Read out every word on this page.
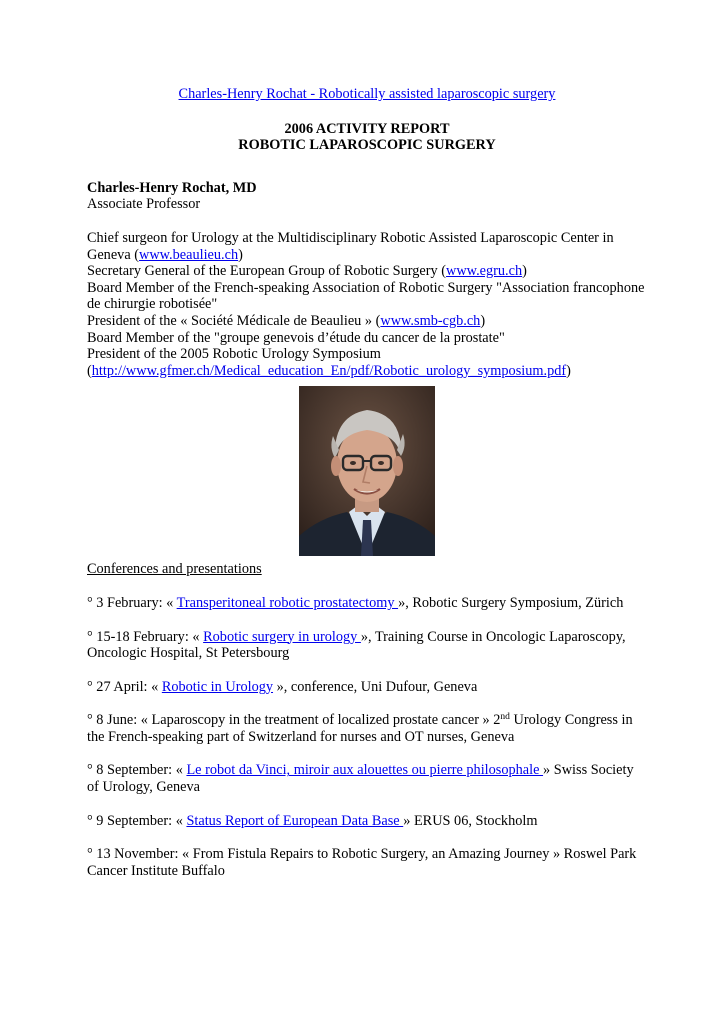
Charles-Henry Rochat - Robotically assisted laparoscopic surgery
2006 ACTIVITY REPORT
ROBOTIC LAPAROSCOPIC SURGERY
Charles-Henry Rochat, MD
Associate Professor
Chief surgeon for Urology at the Multidisciplinary Robotic Assisted Laparoscopic Center in Geneva (www.beaulieu.ch)
Secretary General of the European Group of Robotic Surgery (www.egru.ch)
Board Member of the French-speaking Association of Robotic Surgery "Association francophone de chirurgie robotisée"
President of the « Société Médicale de Beaulieu » (www.smb-cgb.ch)
Board Member of the "groupe genevois d’étude du cancer de la prostate"
President of the 2005 Robotic Urology Symposium
(http://www.gfmer.ch/Medical_education_En/pdf/Robotic_urology_symposium.pdf)
Conferences and presentations
° 3 February: « Transperitoneal robotic prostatectomy », Robotic Surgery Symposium, Zürich
° 15-18 February: « Robotic surgery in urology », Training Course in Oncologic Laparoscopy, Oncologic Hospital, St Petersbourg
° 27 April: « Robotic in Urology », conference, Uni Dufour, Geneva
° 8 June: « Laparoscopy in the treatment of localized prostate cancer » 2nd Urology Congress in the French-speaking part of Switzerland for nurses and OT nurses, Geneva
° 8 September: « Le robot da Vinci, miroir aux alouettes ou pierre philosophale » Swiss Society of Urology, Geneva
° 9 September: « Status Report of European Data Base » ERUS 06, Stockholm
° 13 November: « From Fistula Repairs to Robotic Surgery, an Amazing Journey » Roswel Park Cancer Institute Buffalo
